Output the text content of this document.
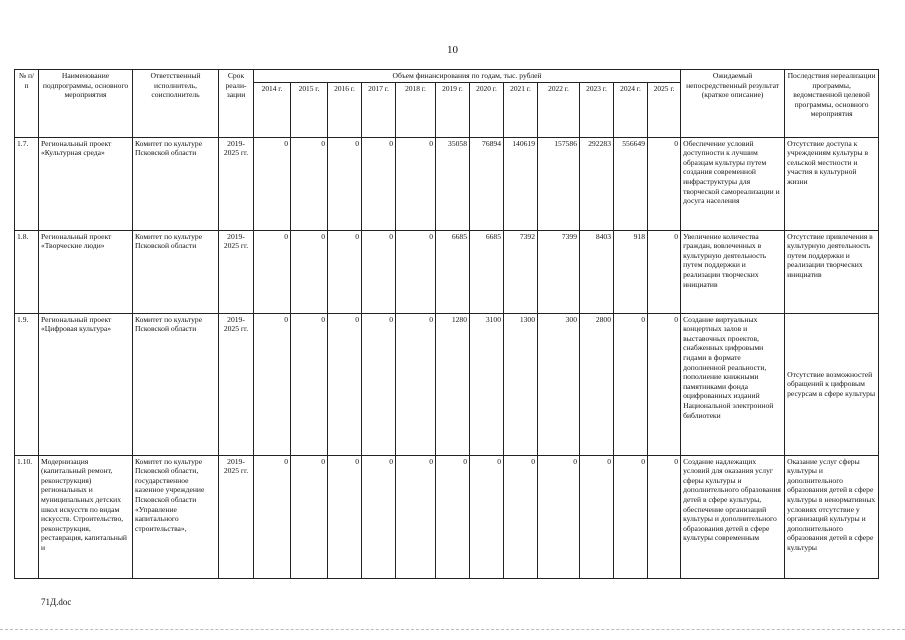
10
№ п/п	Наименование подпрограммы, основного мероприятия	Ответственный исполнитель, соисполнитель	Срок реали-зации	Объем финансирования по годам, тыс. рублей												Ожидаемый непосредственный результат (краткое описание)	Последствия нереализации программы, ведомственной целевой программы, основного мероприятия
				2014 г.	2015 г.	2016 г.	2017 г.	2018 г.	2019 г.	2020 г.	2021 г.	2022 г.	2023 г.	2024 г.	2025 г.		
1.7.	Региональный проект «Культурная среда»	Комитет по культуре Псковской области	2019-2025 гг.	0	0	0	0	0	35058	76894	140619	157586	292283	556649	0	Обеспечение условий доступности к лучшим образцам культуры путем создания современной инфраструктуры для творческой самореализации и досуга населения	Отсутствие доступа к учреждениям культуры в сельской местности и участия в культурной жизни
1.8.	Региональный проект «Творческие люди»	Комитет по культуре Псковской области	2019-2025 гг.	0	0	0	0	0	6685	6685	7392	7399	8403	918	0	Увеличение количества граждан, вовлеченных в культурную деятельность путем поддержки и реализации творческих инициатив	Отсутствие привлечения в культурную деятельность путем поддержки и реализации творческих инициатив
1.9.	Региональный проект «Цифровая культура»	Комитет по культуре Псковской области	2019-2025 гг.	0	0	0	0	0	1280	3100	1300	300	2800	0	0	Создание виртуальных концертных залов и выставочных проектов, снабженных цифровыми гидами в формате дополненной реальности, пополнение книжными памятниками фонда оцифрованных изданий Национальной электронной библиотеки	Отсутствие возможностей обращений к цифровым ресурсам в сфере культуры
1.10.	Модернизация (капитальный ремонт, реконструкция) региональных и муниципальных детских школ искусств по видам искусств. Строительство, реконструкция, реставрация, капитальный и	Комитет по культуре Псковской области, государственное казенное учреждение Псковской области «Управление капитального строительства»,	2019-2025 гг.	0	0	0	0	0	0	0	0	0	0	0	0	Создание надлежащих условий для оказания услуг сферы культуры и дополнительного образования детей в сфере культуры, обеспечение организаций культуры и дополнительного образования детей в сфере культуры современным	Оказание услуг сферы культуры и дополнительного образования детей в сфере культуры в ненормативных условиях отсутствие у организаций культуры и дополнительного образования детей в сфере культуры
71Д.doc
